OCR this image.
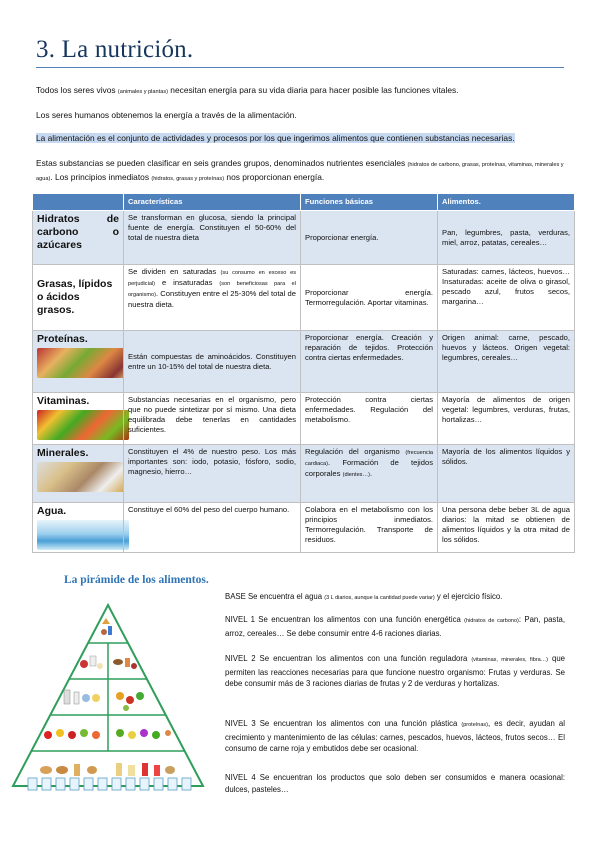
3. La nutrición.
Todos los seres vivos (animales y plantas) necesitan energía para su vida diaria para hacer posible las funciones vitales.
Los seres humanos obtenemos la energía a través de la alimentación.
La alimentación es el conjunto de actividades y procesos por los que ingerimos alimentos que contienen substancias necesarias.
Estas substancias se pueden clasificar en seis grandes grupos, denominados nutrientes esenciales (hidratos de carbono, grasas, proteínas, vitaminas, minerales y agua). Los principios inmediatos (hidratos, grasas y proteínas) nos proporcionan energía.
	Características	Funciones básicas	Alimentos.
Hidratos de carbono o azúcares	Se transforman en glucosa, siendo la principal fuente de energía. Constituyen el 50-60% del total de nuestra dieta	Proporcionar energía.	Pan, legumbres, pasta, verduras, miel, arroz, patatas, cereales…
Grasas, lípidos o ácidos grasos.	Se dividen en saturadas (su consumo en exceso es perjudicial) e insaturadas (son beneficiosas para el organismo). Constituyen entre el 25-30% del total de nuestra dieta.	Proporcionar energía. Termorregulación. Aportar vitaminas.	Saturadas: carnes, lácteos, huevos… Insaturadas: aceite de oliva o girasol, pescado azul, frutos secos, margarina…

Proteínas.	Están compuestas de aminoácidos. Constituyen entre un 10-15% del total de nuestra dieta.	Proporcionar energía. Creación y reparación de tejidos. Protección contra ciertas enfermedades.	Origen animal: carne, pescado, huevos y lácteos. Origen vegetal: legumbres, cereales…

Vitaminas.	Substancias necesarias en el organismo, pero que no puede sintetizar por sí mismo. Una dieta equilibrada debe tenerlas en cantidades suficientes.	Protección contra ciertas enfermedades. Regulación del metabolismo.	Mayoría de alimentos de origen vegetal: legumbres, verduras, frutas, hortalizas…

Minerales.	Constituyen el 4% de nuestro peso. Los más importantes son: iodo, potasio, fósforo, sodio, magnesio, hierro…	Regulación del organismo (frecuencia cardiaca). Formación de tejidos corporales (dientes…).	Mayoría de los alimentos líquidos y sólidos.

Agua.	Constituye el 60% del peso del cuerpo humano.	Colabora en el metabolismo con los principios inmediatos. Termorregulación. Transporte de residuos.	Una persona debe beber 3L de agua diarios: la mitad se obtienen de alimentos líquidos y la otra mitad de los sólidos.
La pirámide de los alimentos.
BASE Se encuentra el agua (3 L diarios, aunque la cantidad puede variar) y el ejercicio físico.
NIVEL 1 Se encuentran los alimentos con una función energética (hidratos de carbono): Pan, pasta, arroz, cereales… Se debe consumir entre 4-6 raciones diarias.
NIVEL 2 Se encuentran los alimentos con una función reguladora (vitaminas, minerales, fibra…) que permiten las reacciones necesarias para que funcione nuestro organismo: Frutas y verduras. Se debe consumir más de 3 raciones diarias de frutas y 2 de verduras y hortalizas.
NIVEL 3 Se encuentran los alimentos con una función plástica (proteínas), es decir, ayudan al crecimiento y mantenimiento de las células: carnes, pescados, huevos, lácteos, frutos secos… El consumo de carne roja y embutidos debe ser ocasional.
NIVEL 4 Se encuentran los productos que solo deben ser consumidos e manera ocasional: dulces, pasteles…
